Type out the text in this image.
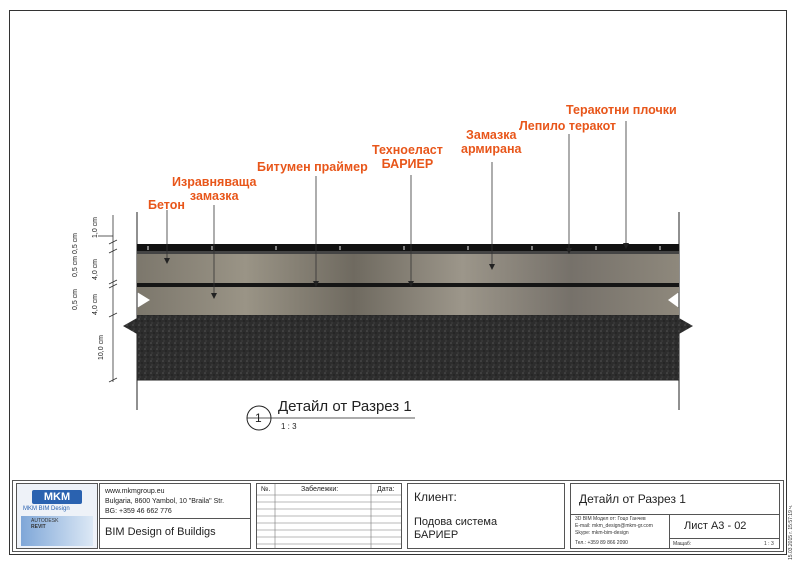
Бетон
Изравняваща
замазка
Битумен праймер
Техноеласт
БАРИЕР
Замазка
армирана
Лепило теракот
Теракотни плочки
1,0 cm
0,5 cm
0,5 cm
0,5 cm
4,0 cm
4,0 cm
10,0 cm
1
Детайл от Разрез 1
1 : 3
MKM
MKM BIM Design
AUTODESK
REVIT
www.mkmgroup.eu
Bulgaria, 8600 Yambol, 10 "Braila" Str.
BG: +359 46 662 776
BIM Design of Buildigs
№.	Забележки:	Дата:
Клиент:
Подова система
БАРИЕР
Детайл от Разрез 1
3D BIM Модел от: Гоцо Ганчев
E-mail: mkm_design@mkm-gr.com
Skype: mkm-bim-design
Тел.: +359 89 866 2090
Лист А3 - 02
Мащаб:	1 : 3	15.03.2015 г. 15:57:19 ч.
